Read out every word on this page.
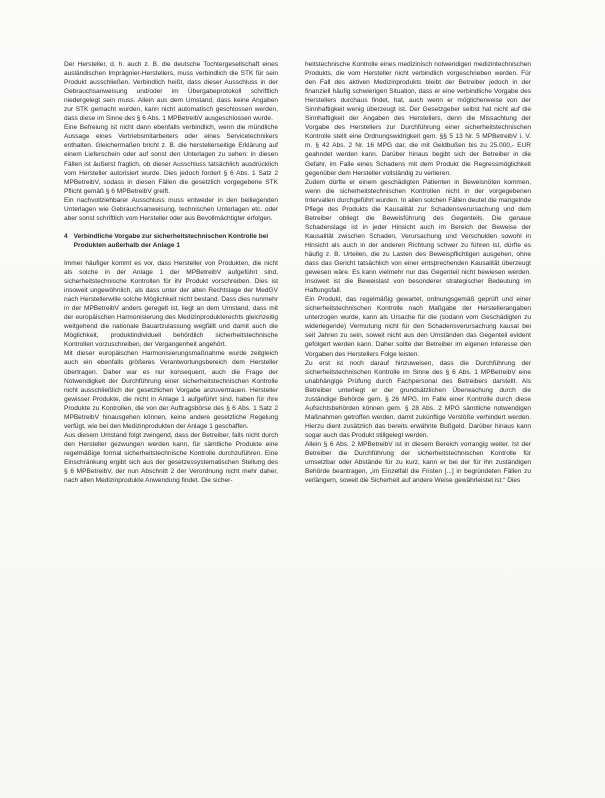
Der Hersteller, d. h. auch z. B. die deutsche Tochtergesellschaft eines ausländischen Imprägnier-Herstellers, muss verbindlich die STK für sein Produkt ausschließen. Verbindlich heißt, dass dieser Ausschluss in der Gebrauchsanweisung und/oder im Übergabeprotokoll schriftlich niedergelegt sein muss. Allein aus dem Umstand, dass keine Angaben zur STK gemacht wurden, kann nicht automatisch geschlossen werden, dass diese im Sinne des § 6 Abs. 1 MPBetreibV ausgeschlossen wurde.

Eine Befreiung ist nicht dann ebenfalls verbindlich, wenn die mündliche Aussage eines Vertriebsmitarbeiters oder eines Servicetechnikers enthalten. Gleichermaßen bricht z. B. die herstellerseitige Erklärung auf einem Lieferschein oder auf sonst den Unterlagen zu sehen: in diesen Fällen ist äußerst fraglich, ob dieser Ausschluss tatsächlich ausdrücklich vom Hersteller autorisiert wurde. Dies jedoch fordert § 6 Abs. 1 Satz 2 MPBetreibV, sodass in diesen Fällen die gesetzlich vorgegebene STK Pflicht gemäß § 6 MPBetreibV greift.

Ein nachvollziehbarer Ausschluss muss entweder in den beiliegenden Unterlagen wie Gebrauchsanweisung, technischen Unterlagen etc. oder aber sonst schriftlich vom Hersteller oder aus Bevollmächtigter erfolgen.

4 Verbindliche Vorgabe zur sicherheitstechnischen Kontrolle bei Produkten außerhalb der Anlage 1

Immer häufiger kommt es vor, dass Hersteller von Produkten, die nicht als solche in der Anlage 1 der MPBetreibV aufgeführt sind, sicherheitstechnische Kontrollen für ihr Produkt vorschreiben. Dies ist insoweit ungewöhnlich, als dass unter der alten Rechtslage der MedGV nach Herstellerwille solche Möglichkeit nicht bestand. Dass dies nunmehr in der MPBetreibV anders geregelt ist, liegt an dem Umstand, dass mit der europäischen Harmonisierung des Medizinprodukterechts gleichzeitig weitgehend die nationale Bauartzulassung wegfällt und damit auch die Möglichkeit, produktindividuell behördlich sicherheitstechnische Kontrollen vorzuschreiben, der Vergangenheit angehört.

Mit dieser europäischen Harmonisierungsmaßnahme wurde zeitgleich auch ein ebenfalls größeres Verantwortungsbereich dem Hersteller übertragen. Daher war es nur konsequent, auch die Frage der Notwendigkeit der Durchführung einer sicherheitstechnischen Kontrolle nicht ausschließlich der gesetzlichen Vorgabe anzuvertrauen. Hersteller gewisser Produkte, die nicht in Anlage 1 aufgeführt sind, haben für ihre Produkte zu Kontrollen, die von der Auftragsbörse des § 6 Abs. 1 Satz 2 MPBetreibV hinausgehen können, keine andere gesetzliche Regelung verfügt, wie bei den Medizinprodukten der Anlage 1 geschaffen.

Aus diesem Umstand folgt zwingend, dass der Betreiber, falls nicht durch den Hersteller gezwungen werden kann, für sämtliche Produkte eine regelmäßige formal sicherheitstechnische Kontrolle durchzuführen. Eine Einschränkung ergibt sich aus der gesetzessystematischen Stellung des § 6 MPBetreibV, der nun Abschnitt 2 der Verordnung nicht mehr daher, nach allen Medizinprodukte Anwendung findet. Die sicher-

heitstechnische Kontrolle eines medizinisch notwendigen medizintechnischen Produkts, die vom Hersteller nicht verbindlich vorgeschrieben werden. Für den Fall des aktiven Medizinprodukts bleibt der Betreiber jedoch in der finanziell häufig schwierigen Situation, dass er eine verbindliche Vorgabe des Herstellers durchaus findet, hat, auch wenn er möglicherweise von der Sinnhaftigkeit wenig überzeugt ist. Der Gesetzgeber selbst hat nicht auf die Sinnhaftigkeit der Angaben des Herstellers, denn die Missachtung der Vorgabe des Herstellers zur Durchführung einer sicherheitstechnischen Kontrolle stellt eine Ordnungswidrigkeit gem. §§ 5 13 Nr. 5 MPBetreibV i. V. m. § 42 Abs. 2 Nr. 16 MPG dar, die mit Geldbußen bis zu 25.000,- EUR geahndet werden kann. Darüber hinaus begibt sich der Betreiber in die Gefahr, im Falle eines Schadens mit dem Produkt die Regressmöglichkeit gegenüber dem Hersteller vollständig zu verlieren.

Zudem dürfte er einem geschädigten Patienten in Beweisnöten kommen, wenn die sicherheitstechnischen Kontrollen nicht in der vorgegebenen Intervallen durchgeführt wurden. In allen solchen Fällen deutet die mangelnde Pflege des Produkts die Kausalität zur Schadensverursachung und dem Betreiber obliegt die Beweisführung des Gegenteils. Die genaue Schadenslage ist in jeder Hinsicht auch im Bereich der Beweise der Kausalität zwischen Schaden, Verursachung und Verschulden sowohl in Hinsicht als auch in der anderen Richtung schwer zu führen ist, dürfte es häufig z. B. Urteilen, die zu Lasten des Beweispflichtigen ausgehen, ohne dass das Gericht tatsächlich von einer entsprechenden Kausalität überzeugt gewesen wäre. Es kann vielmehr nur das Gegenteil nicht bewiesen werden. Insoweit ist die Beweislast von besonderer strategischer Bedeutung im Haftungsfall.

Ein Produkt, das regelmäßig gewartet, ordnungsgemäß geprüft und einer sicherheitstechnischen Kontrolle nach Maßgabe der Herstellerangaben unterzogen wurde, kann als Ursache für die (sodann vom Geschädigten zu widerlegende) Vermutung nicht für den Schadensverursachung kausal bei seit Jahren zu sein, soweit nicht aus den Umständen das Gegenteil evident gefolgert werden kann. Daher sollte der Betreiber im eigenen Interesse den Vorgaben des Herstellers Folge leisten.

Zu erst ist noch darauf hinzuweisen, dass die Durchführung der sicherheitstechnischen Kontrolle im Sinne des § 6 Abs. 1 MPBetreibV eine unabhängige Prüfung durch Fachpersonal des Betreibers darstellt. Als Betreiber unterliegt er der grundsätzlichen Überwachung durch die zuständige Behörde gem. § 26 MPG. Im Falle einer Kontrolle durch diese Aufsichtsbehörden können gem. § 28 Abs. 2 MPG sämtliche notwendigen Maßnahmen getroffen werden, damit zukünftige Verstöße verhindert werden. Hierzu dient zusätzlich das bereits erwähnte Bußgeld. Darüber hinaus kann sogar auch das Produkt stillgelegt werden.

Allein § 6 Abs. 2 MPBetreibV ist in diesem Bereich vorrangig weiter. Ist der Betreiber die Durchführung der sicherheitstechnischen Kontrolle für umsetzbar oder Abstände für zu kurz, kann er bei der für ihn zuständigen Behörde beantragen, „im Einzelfall die Fristen [...] in begründeten Fällen zu verlängern, soweit die Sicherheit auf andere Weise gewährleistet ist.“ Dies
